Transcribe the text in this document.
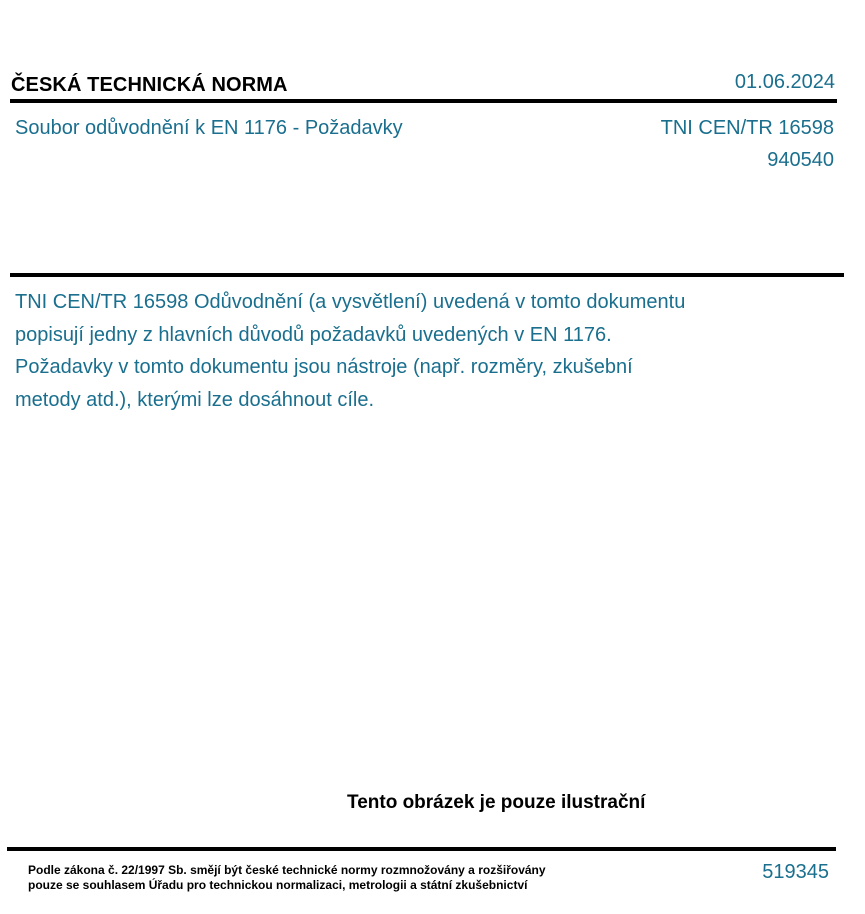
ČESKÁ TECHNICKÁ NORMA	01.06.2024
Soubor odůvodnění k EN 1176 - Požadavky	TNI CEN/TR 16598
940540
TNI CEN/TR 16598 Odůvodnění (a vysvětlení) uvedená v tomto dokumentu
popisují jedny z hlavních důvodů požadavků uvedených v EN 1176.
Požadavky v tomto dokumentu jsou nástroje (např. rozměry, zkušební
metody atd.), kterými lze dosáhnout cíle.
Tento obrázek je pouze ilustrační
Podle zákona č. 22/1997 Sb. smějí být české technické normy rozmnožovány a rozšiřovány
pouze se souhlasem Úřadu pro technickou normalizaci, metrologii a státní zkušebnictví
519345
